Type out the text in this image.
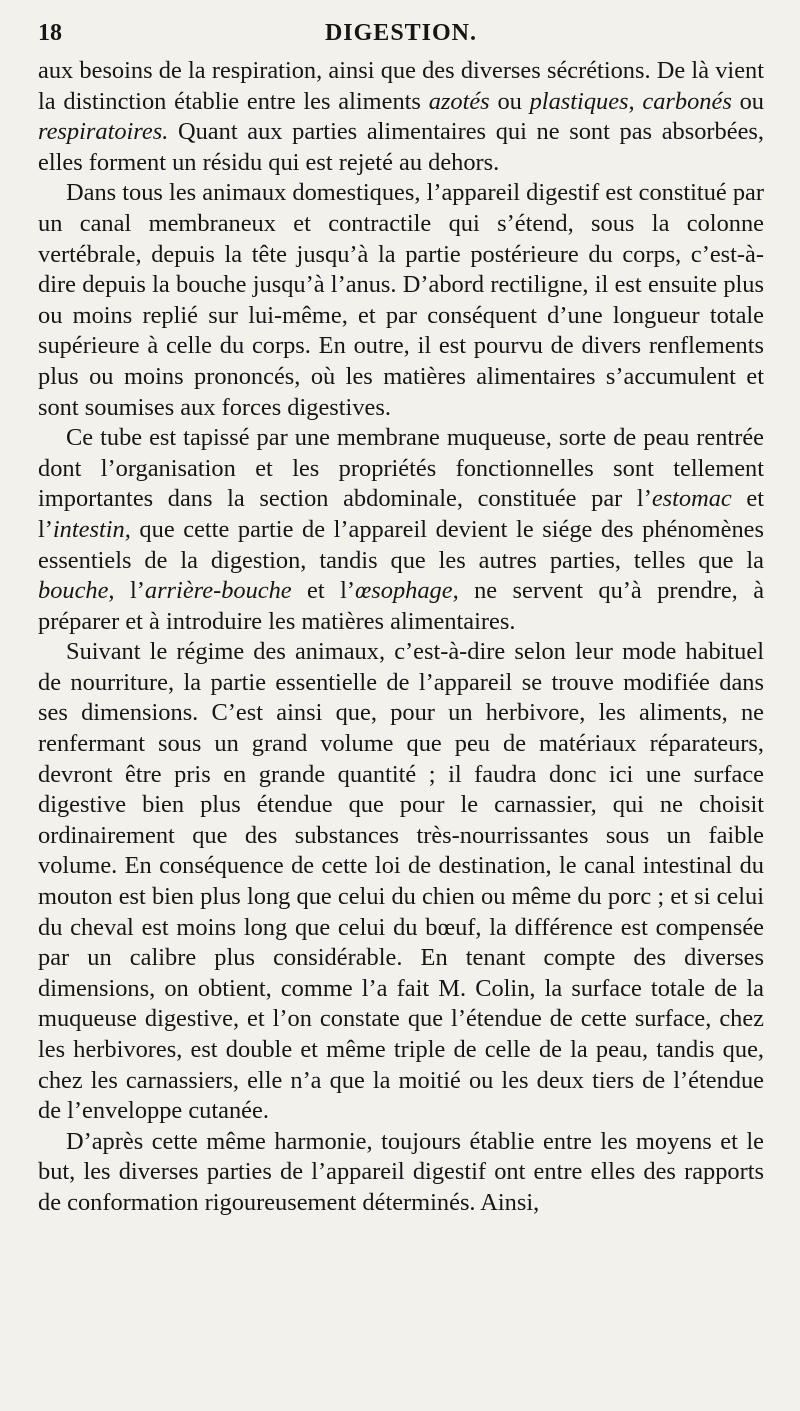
18	DIGESTION.

aux besoins de la respiration, ainsi que des diverses sécrétions. De là vient la distinction établie entre les aliments azotés ou plastiques, carbonés ou respiratoires. Quant aux parties alimentaires qui ne sont pas absorbées, elles forment un résidu qui est rejeté au dehors.

Dans tous les animaux domestiques, l’appareil digestif est constitué par un canal membraneux et contractile qui s’étend, sous la colonne vertébrale, depuis la tête jusqu’à la partie postérieure du corps, c’est-à-dire depuis la bouche jusqu’à l’anus. D’abord rectiligne, il est ensuite plus ou moins replié sur lui-même, et par conséquent d’une longueur totale supérieure à celle du corps. En outre, il est pourvu de divers renflements plus ou moins prononcés, où les matières alimentaires s’accumulent et sont soumises aux forces digestives.

Ce tube est tapissé par une membrane muqueuse, sorte de peau rentrée dont l’organisation et les propriétés fonctionnelles sont tellement importantes dans la section abdominale, constituée par l’estomac et l’intestin, que cette partie de l’appareil devient le siége des phénomènes essentiels de la digestion, tandis que les autres parties, telles que la bouche, l’arrière-bouche et l’œsophage, ne servent qu’à prendre, à préparer et à introduire les matières alimentaires.

Suivant le régime des animaux, c’est-à-dire selon leur mode habituel de nourriture, la partie essentielle de l’appareil se trouve modifiée dans ses dimensions. C’est ainsi que, pour un herbivore, les aliments, ne renfermant sous un grand volume que peu de matériaux réparateurs, devront être pris en grande quantité ; il faudra donc ici une surface digestive bien plus étendue que pour le carnassier, qui ne choisit ordinairement que des substances très-nourrissantes sous un faible volume. En conséquence de cette loi de destination, le canal intestinal du mouton est bien plus long que celui du chien ou même du porc ; et si celui du cheval est moins long que celui du bœuf, la différence est compensée par un calibre plus considérable. En tenant compte des diverses dimensions, on obtient, comme l’a fait M. Colin, la surface totale de la muqueuse digestive, et l’on constate que l’étendue de cette surface, chez les herbivores, est double et même triple de celle de la peau, tandis que, chez les carnassiers, elle n’a que la moitié ou les deux tiers de l’étendue de l’enveloppe cutanée.

D’après cette même harmonie, toujours établie entre les moyens et le but, les diverses parties de l’appareil digestif ont entre elles des rapports de conformation rigoureusement déterminés. Ainsi,
